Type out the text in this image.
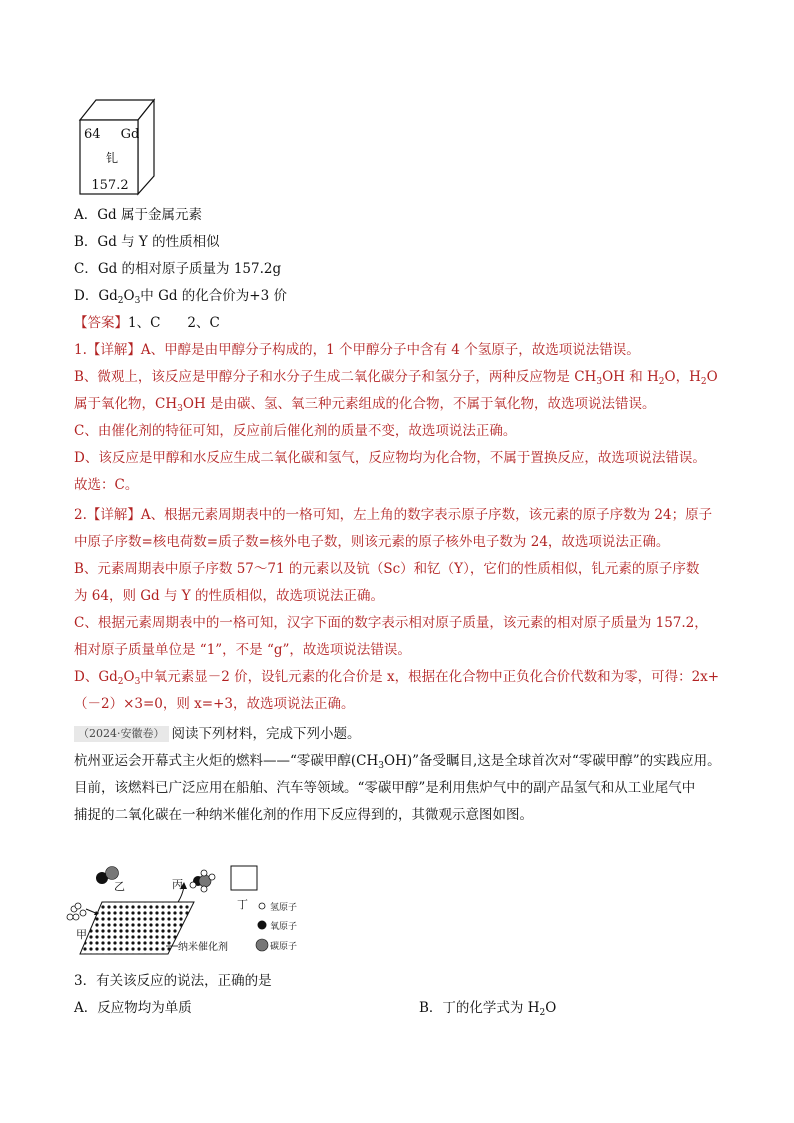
64 Gd
钆
157.2
A．Gd 属于金属元素
B．Gd 与 Y 的性质相似
C．Gd 的相对原子质量为 157.2g
D．$Gd_2O_3$中 Gd 的化合价为+3 价
【答案】1、C　　2、C
1.【详解】A、甲醇是由甲醇分子构成的，1 个甲醇分子中含有 4 个氢原子，故选项说法错误。
B、微观上，该反应是甲醇分子和水分子生成二氧化碳分子和氢分子，两种反应物是 $CH_3OH$ 和 $H_2O$，$H_2O$
属于氧化物，$CH_3OH$ 是由碳、氢、氧三种元素组成的化合物，不属于氧化物，故选项说法错误。
C、由催化剂的特征可知，反应前后催化剂的质量不变，故选项说法正确。
D、该反应是甲醇和水反应生成二氧化碳和氢气，反应物均为化合物，不属于置换反应，故选项说法错误。
故选：C。
2.【详解】A、根据元素周期表中的一格可知，左上角的数字表示原子序数，该元素的原子序数为 24；原子
中原子序数=核电荷数=质子数=核外电子数，则该元素的原子核外电子数为 24，故选项说法正确。
B、元素周期表中原子序数 57～71 的元素以及钪（Sc）和钇（Y），它们的性质相似，钆元素的原子序数
为 64，则 Gd 与 Y 的性质相似，故选项说法正确。
C、根据元素周期表中的一格可知，汉字下面的数字表示相对原子质量，该元素的相对原子质量为 157.2，
相对原子质量单位是 “1”，不是 “g”，故选项说法错误。
D、$Gd_2O_3$中氧元素显－2 价，设钆元素的化合价是 x，根据在化合物中正负化合价代数和为零，可得：2x+
（－2）×3=0，则 x=+3，故选项说法正确。
（2024·安徽卷） 阅读下列材料，完成下列小题。
杭州亚运会开幕式主火炬的燃料——“零碳甲醇$(CH_3OH)$”备受瞩目,这是全球首次对“零碳甲醇”的实践应用。
目前，该燃料已广泛应用在船舶、汽车等领域。“零碳甲醇”是利用焦炉气中的副产品氢气和从工业尾气中
捕捉的二氧化碳在一种纳米催化剂的作用下反应得到的，其微观示意图如图。
乙
甲
纳米催化剂
丙
丁 氢原子
氧原子
碳原子
3．有关该反应的说法，正确的是
A．反应物均为单质	B．丁的化学式为 $H_2O$
